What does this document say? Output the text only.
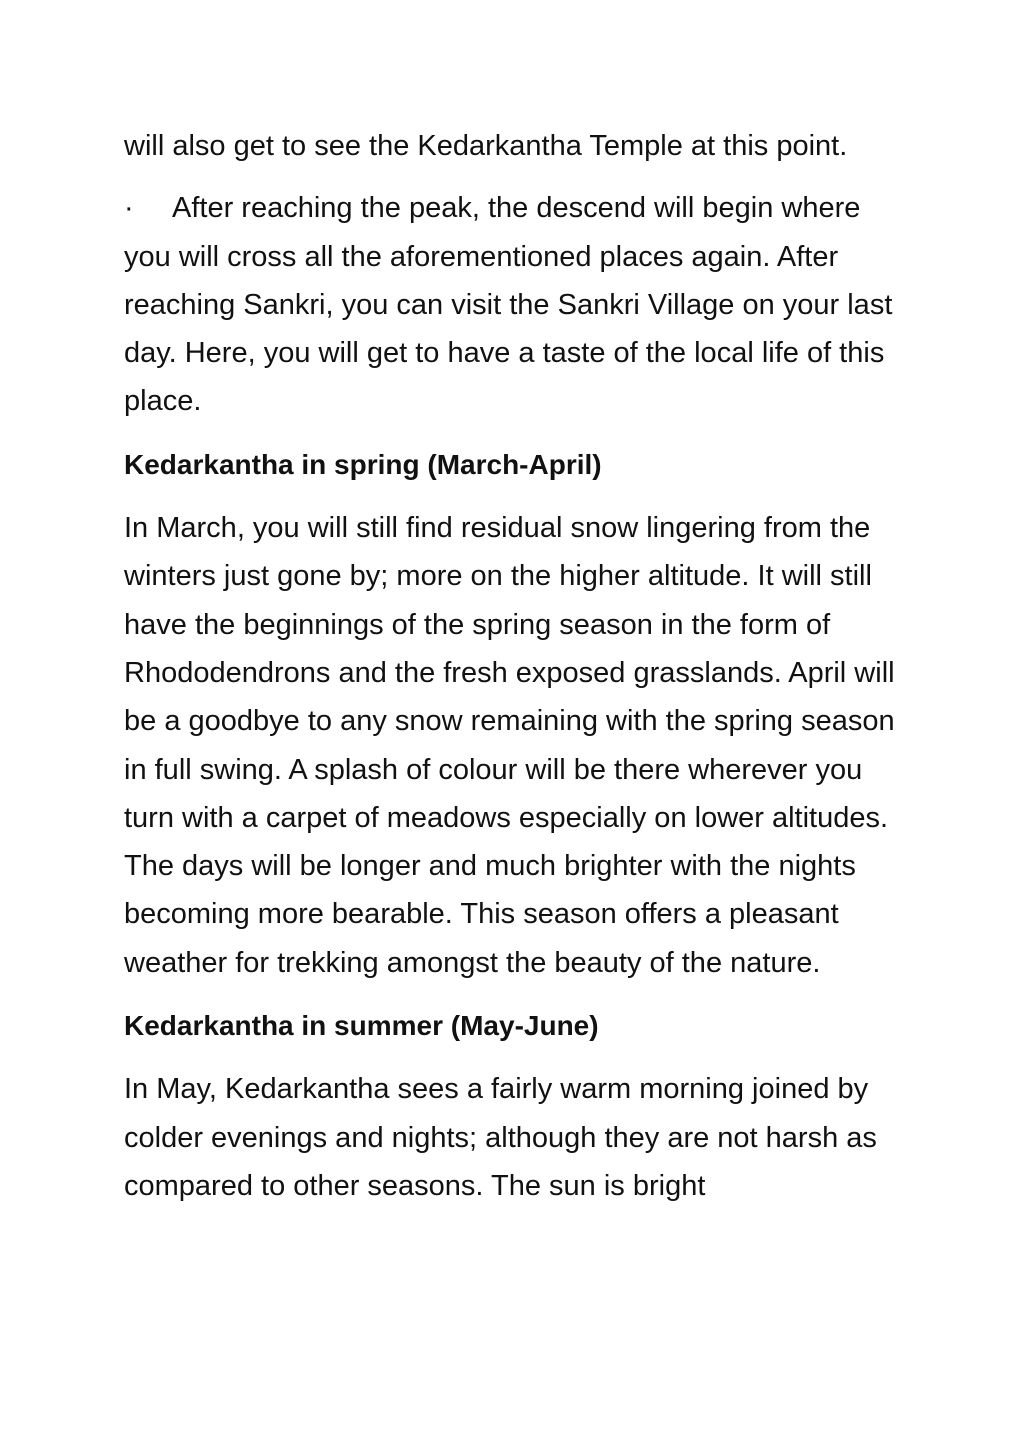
will also get to see the Kedarkantha Temple at this point.

· After reaching the peak, the descend will begin where you will cross all the aforementioned places again. After reaching Sankri, you can visit the Sankri Village on your last day. Here, you will get to have a taste of the local life of this place.

Kedarkantha in spring (March-April)

In March, you will still find residual snow lingering from the winters just gone by; more on the higher altitude. It will still have the beginnings of the spring season in the form of Rhododendrons and the fresh exposed grasslands. April will be a goodbye to any snow remaining with the spring season in full swing. A splash of colour will be there wherever you turn with a carpet of meadows especially on lower altitudes. The days will be longer and much brighter with the nights becoming more bearable. This season offers a pleasant weather for trekking amongst the beauty of the nature.

Kedarkantha in summer (May-June)

In May, Kedarkantha sees a fairly warm morning joined by colder evenings and nights; although they are not harsh as compared to other seasons. The sun is bright
